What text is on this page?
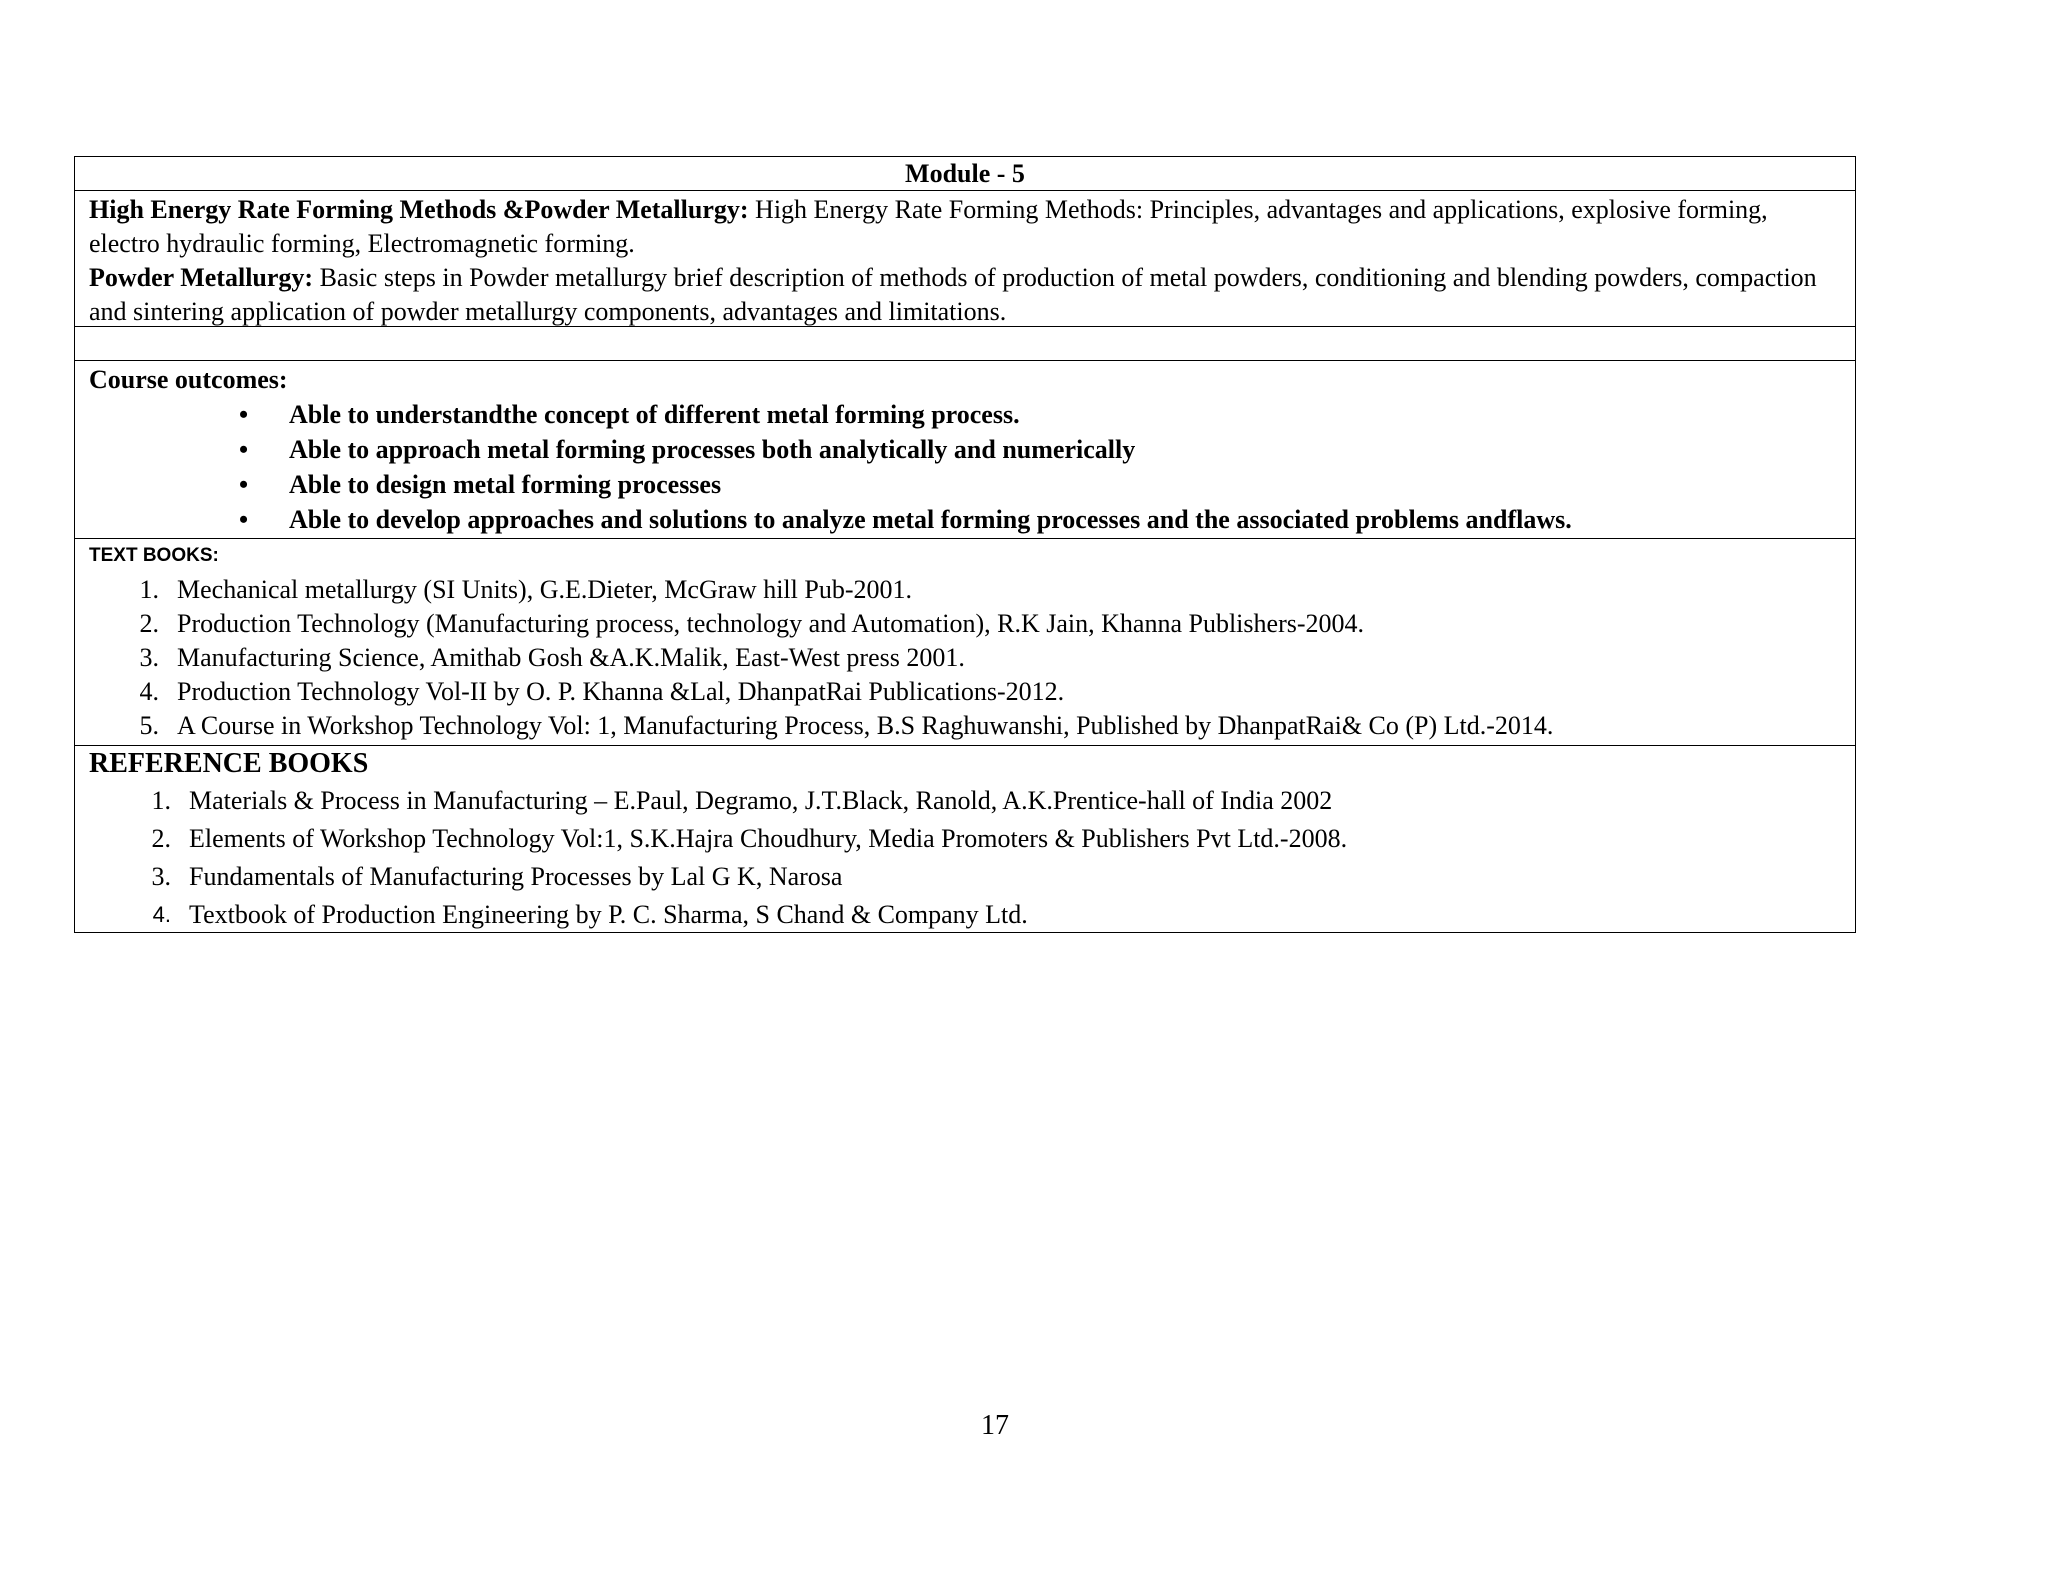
Module - 5

High Energy Rate Forming Methods &Powder Metallurgy: High Energy Rate Forming Methods: Principles, advantages and applications, explosive forming, electro hydraulic forming, Electromagnetic forming.

Powder Metallurgy: Basic steps in Powder metallurgy brief description of methods of production of metal powders, conditioning and blending powders, compaction and sintering application of powder metallurgy components, advantages and limitations.

Course outcomes:
• Able to understandthe concept of different metal forming process.
• Able to approach metal forming processes both analytically and numerically
• Able to design metal forming processes
• Able to develop approaches and solutions to analyze metal forming processes and the associated problems andflaws.
TEXT BOOKS:
1. Mechanical metallurgy (SI Units), G.E.Dieter, McGraw hill Pub-2001.
2. Production Technology (Manufacturing process, technology and Automation), R.K Jain, Khanna Publishers-2004.
3. Manufacturing Science, Amithab Gosh &A.K.Malik, East-West press 2001.
4. Production Technology Vol-II by O. P. Khanna &Lal, DhanpatRai Publications-2012.
5. A Course in Workshop Technology Vol: 1, Manufacturing Process, B.S Raghuwanshi, Published by DhanpatRai& Co (P) Ltd.-2014.
REFERENCE BOOKS
1. Materials & Process in Manufacturing – E.Paul, Degramo, J.T.Black, Ranold, A.K.Prentice-hall of India 2002
2. Elements of Workshop Technology Vol:1, S.K.Hajra Choudhury, Media Promoters & Publishers Pvt Ltd.-2008.
3. Fundamentals of Manufacturing Processes by Lal G K, Narosa
4. Textbook of Production Engineering by P. C. Sharma, S Chand & Company Ltd.
17
